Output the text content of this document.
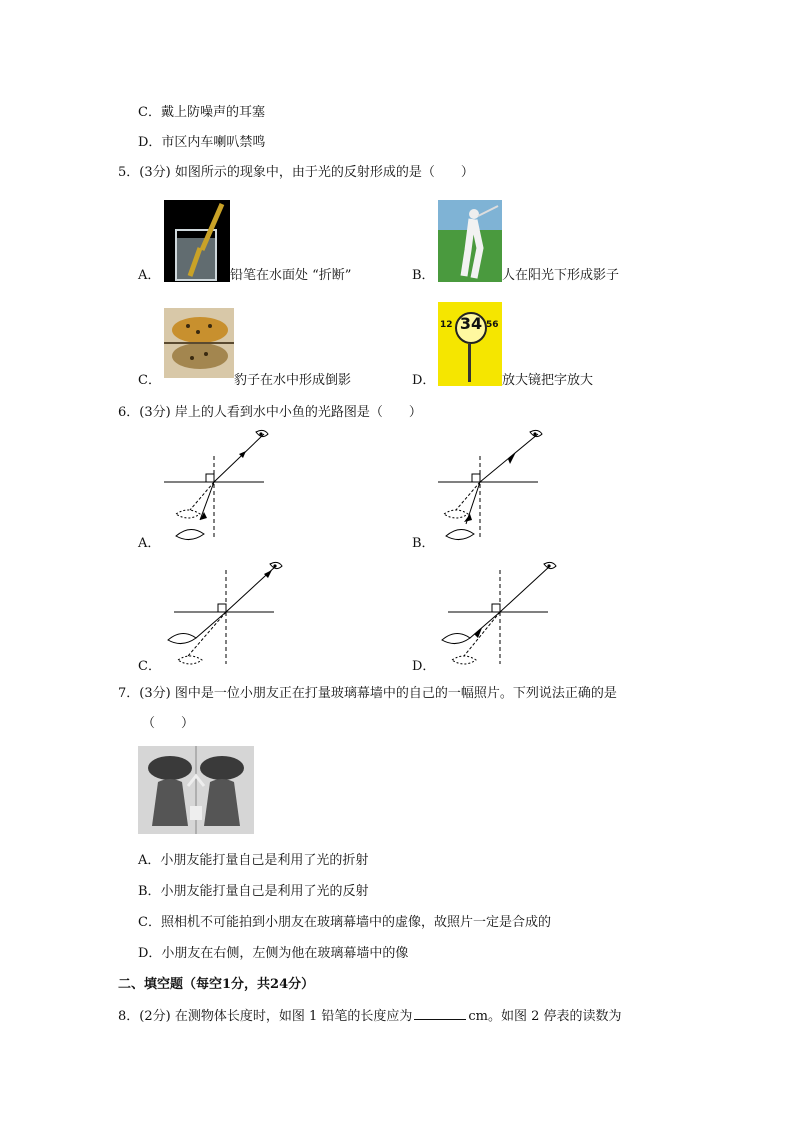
C．戴上防噪声的耳塞
D．市区内车喇叭禁鸣
5．(3分) 如图所示的现象中，由于光的反射形成的是（　　）
A．	铅笔在水面处 “折断”	B．	人在阳光下形成影子
C．	豹子在水中形成倒影	D．
12 34 56
放大镜把字放大
6．(3分) 岸上的人看到水中小鱼的光路图是（　　）
A．	B．
C．	D．
7．(3分) 图中是一位小朋友正在打量玻璃幕墙中的自己的一幅照片。下列说法正确的是
（　　）
A．小朋友能打量自己是利用了光的折射
B．小朋友能打量自己是利用了光的反射
C．照相机不可能拍到小朋友在玻璃幕墙中的虚像，故照片一定是合成的
D．小朋友在右侧，左侧为他在玻璃幕墙中的像
二、填空题（每空1分，共24分）
8．(2分) 在测物体长度时，如图 1 铅笔的长度应为	cm。如图 2 停表的读数为
